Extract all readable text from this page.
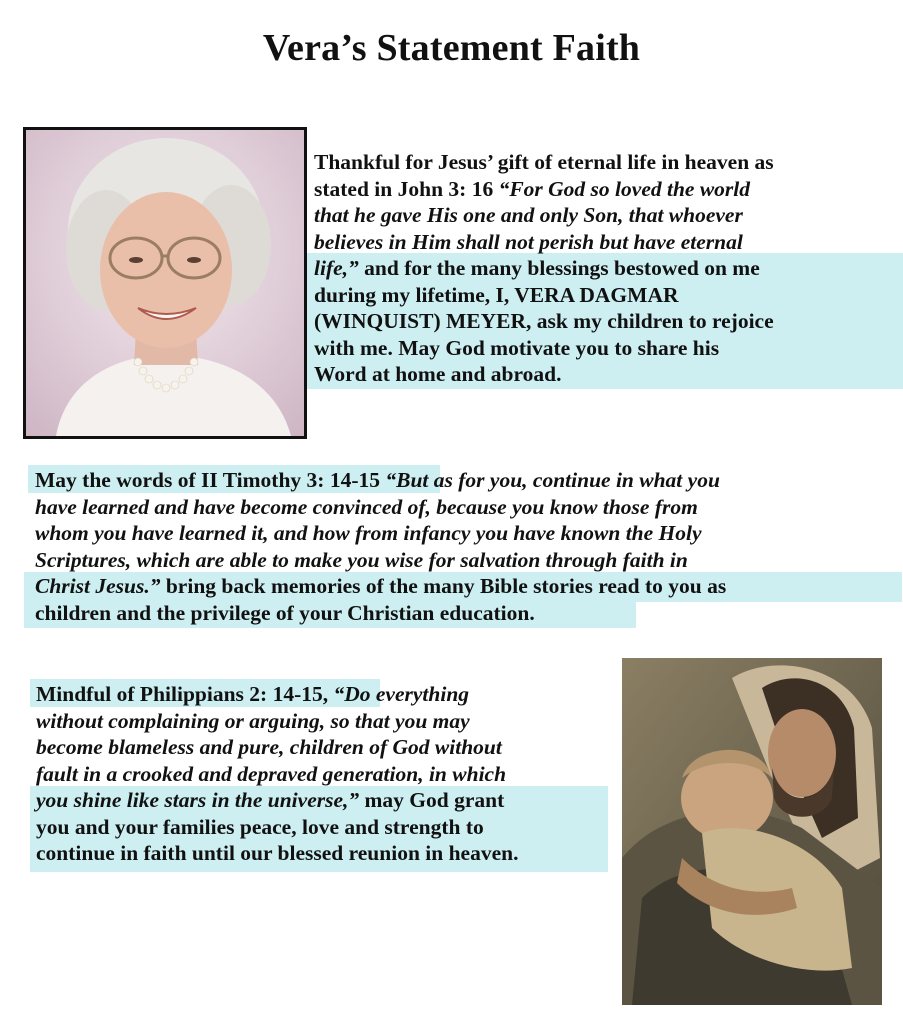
Vera’s Statement Faith
Thankful for Jesus’ gift of eternal life in heaven as
stated in John 3: 16 “For God so loved the world
that he gave His one and only Son, that whoever
believes in Him shall not perish but have eternal
life,” and for the many blessings bestowed on me
during my lifetime, I, VERA DAGMAR
(WINQUIST) MEYER, ask my children to rejoice
with me. May God motivate you to share his
Word at home and abroad.
May the words of II Timothy 3: 14-15 “But as for you, continue in what you
have learned and have become convinced of, because you know those from
whom you have learned it, and how from infancy you have known the Holy
Scriptures, which are able to make you wise for salvation through faith in
Christ Jesus.” bring back memories of the many Bible stories read to you as
children and the privilege of your Christian education.
Mindful of Philippians 2: 14-15, “Do everything
without complaining or arguing, so that you may
become blameless and pure, children of God without
fault in a crooked and depraved generation, in which
you shine like stars in the universe,” may God grant
you and your families peace, love and strength to
continue in faith until our blessed reunion in heaven.
